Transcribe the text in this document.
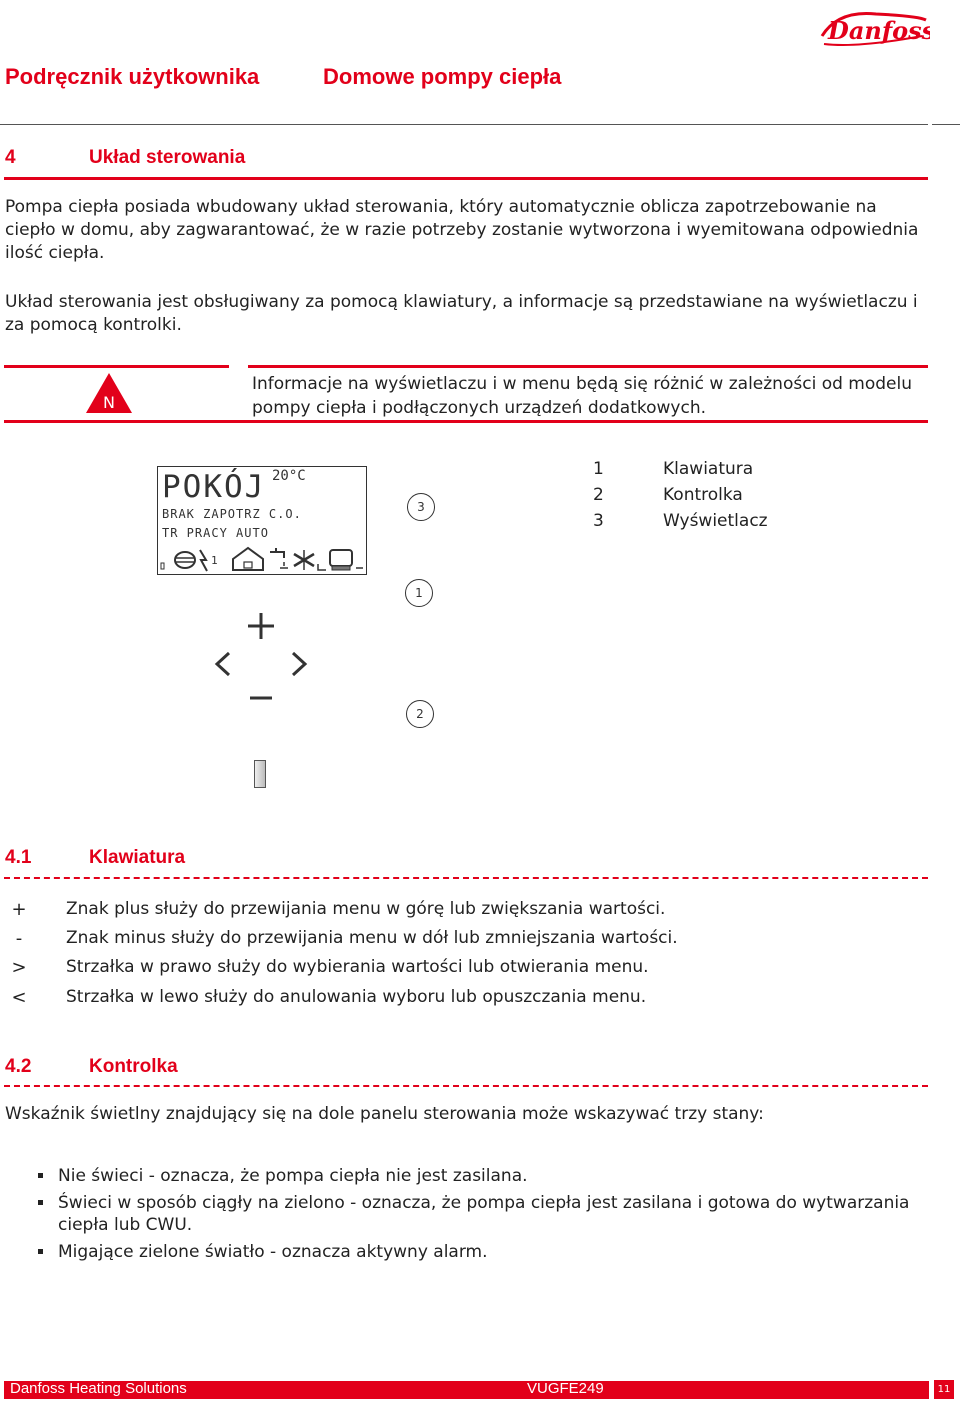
Danfoss
Podręcznik użytkownika	Domowe pompy ciepła
4	Układ sterowania
Pompa ciepła posiada wbudowany układ sterowania, który automatycznie oblicza zapotrzebowanie na ciepło w domu, aby zagwarantować, że w razie potrzeby zostanie wytworzona i wyemitowana odpowiednia ilość ciepła.
Układ sterowania jest obsługiwany za pomocą klawiatury, a informacje są przedstawiane na wyświetlaczu i za pomocą kontrolki.
N
Informacje na wyświetlaczu i w menu będą się różnić w zależności od modelu pompy ciepła i podłączonych urządzeń dodatkowych.
POKÓJ 20°C
BRAK ZAPOTRZ C.O.
TR PRACY AUTO
1
3
1
2
1	Klawiatura
2	Kontrolka
3	Wyświetlacz
4.1	Klawiatura
+ Znak plus służy do przewijania menu w górę lub zwiększania wartości.
-	Znak minus służy do przewijania menu w dół lub zmniejszania wartości.
> Strzałka w prawo służy do wybierania wartości lub otwierania menu.
< Strzałka w lewo służy do anulowania wyboru lub opuszczania menu.
4.2	Kontrolka
Wskaźnik świetlny znajdujący się na dole panelu sterowania może wskazywać trzy stany:
Nie świeci - oznacza, że pompa ciepła nie jest zasilana.
Świeci w sposób ciągły na zielono - oznacza, że pompa ciepła jest zasilana i gotowa do wytwarzania ciepła lub CWU.
Migające zielone światło - oznacza aktywny alarm.
Danfoss Heating Solutions	VUGFE249	11
